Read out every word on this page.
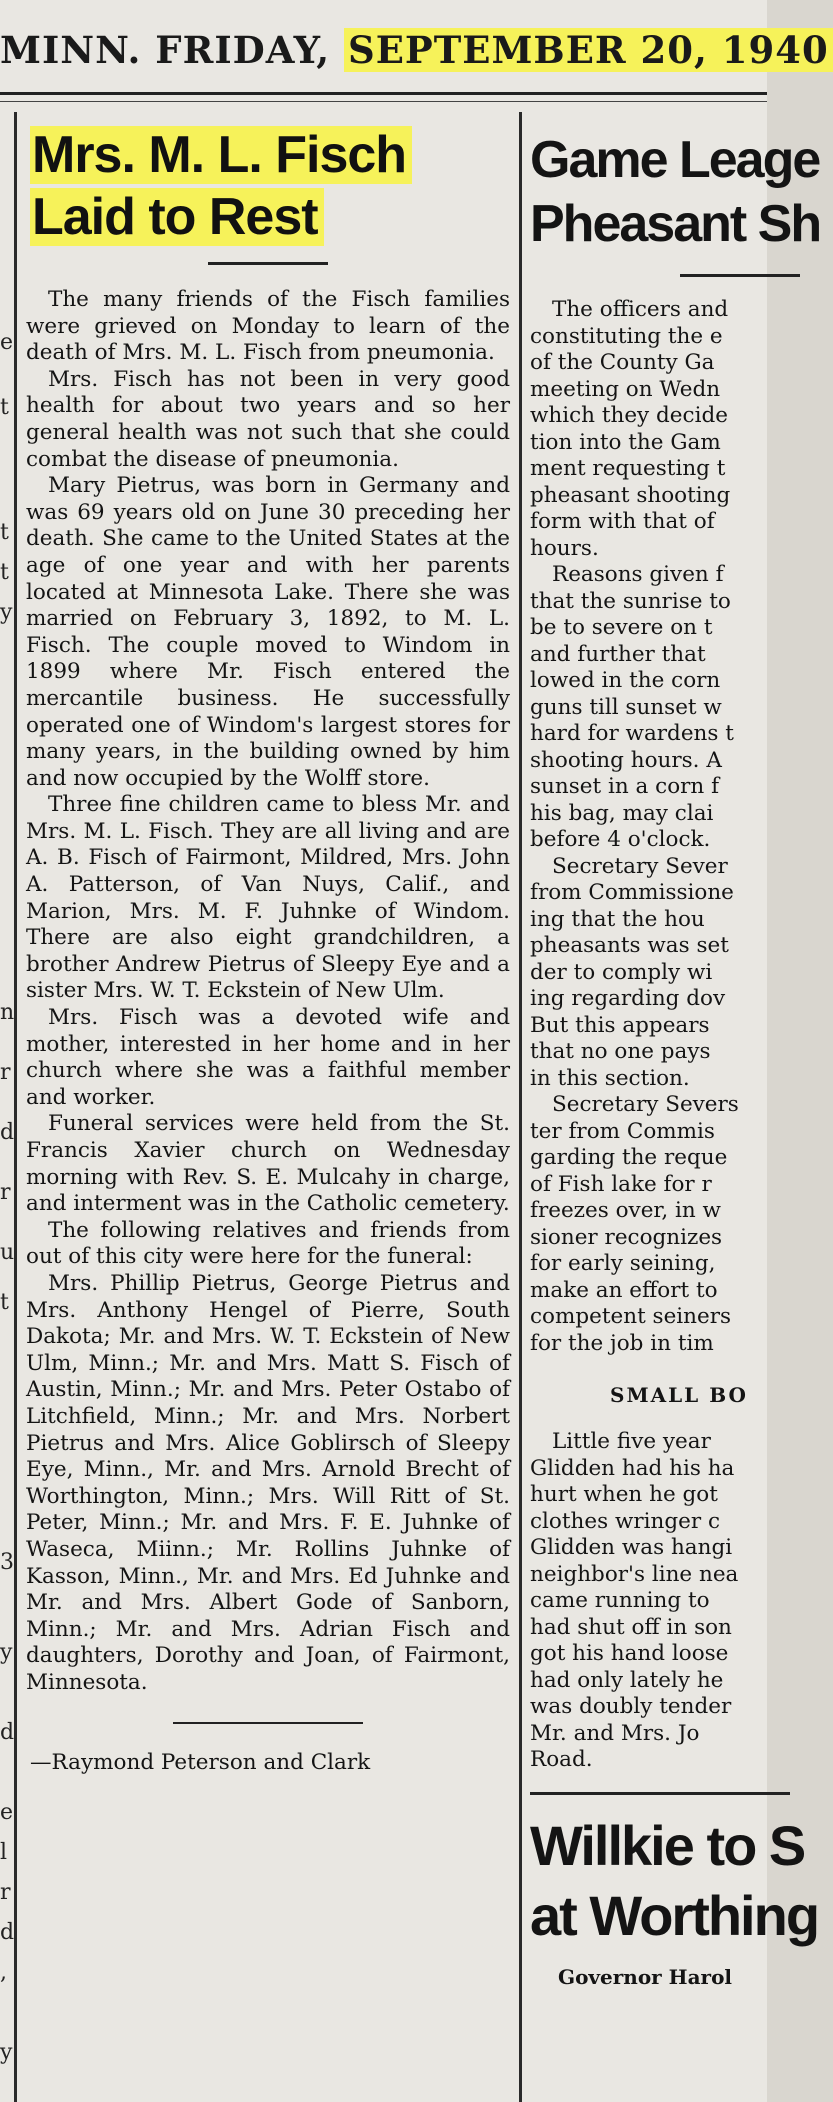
MINN. FRIDAY, SEPTEMBER 20, 1940
e
t
t
t
y
n
r
d
r
u
t
3
y
d
e
l
r
d
,
y
Mrs. M. L. Fisch
Laid to Rest

The many friends of the Fisch families were grieved on Monday to learn of the death of Mrs. M. L. Fisch from pneumonia.

Mrs. Fisch has not been in very good health for about two years and so her general health was not such that she could combat the disease of pneumonia.

Mary Pietrus, was born in Germany and was 69 years old on June 30 preceding her death. She came to the United States at the age of one year and with her parents located at Minnesota Lake. There she was married on February 3, 1892, to M. L. Fisch. The couple moved to Windom in 1899 where Mr. Fisch entered the mercantile business. He successfully operated one of Windom's largest stores for many years, in the building owned by him and now occupied by the Wolff store.

Three fine children came to bless Mr. and Mrs. M. L. Fisch. They are all living and are A. B. Fisch of Fairmont, Mildred, Mrs. John A. Patterson, of Van Nuys, Calif., and Marion, Mrs. M. F. Juhnke of Windom. There are also eight grandchildren, a brother Andrew Pietrus of Sleepy Eye and a sister Mrs. W. T. Eckstein of New Ulm.

Mrs. Fisch was a devoted wife and mother, interested in her home and in her church where she was a faithful member and worker.

Funeral services were held from the St. Francis Xavier church on Wednesday morning with Rev. S. E. Mulcahy in charge, and interment was in the Catholic cemetery.

The following relatives and friends from out of this city were here for the funeral:

Mrs. Phillip Pietrus, George Pietrus and Mrs. Anthony Hengel of Pierre, South Dakota; Mr. and Mrs. W. T. Eckstein of New Ulm, Minn.; Mr. and Mrs. Matt S. Fisch of Austin, Minn.; Mr. and Mrs. Peter Ostabo of Litchfield, Minn.; Mr. and Mrs. Norbert Pietrus and Mrs. Alice Goblirsch of Sleepy Eye, Minn., Mr. and Mrs. Arnold Brecht of Worthington, Minn.; Mrs. Will Ritt of St. Peter, Minn.; Mr. and Mrs. F. E. Juhnke of Waseca, Miinn.; Mr. Rollins Juhnke of Kasson, Minn., Mr. and Mrs. Ed Juhnke and Mr. and Mrs. Albert Gode of Sanborn, Minn.; Mr. and Mrs. Adrian Fisch and daughters, Dorothy and Joan, of Fairmont, Minnesota.

—Raymond Peterson and Clark
Game Leage
Pheasant Sh
The officers and
constituting the e
of the County Ga
meeting on Wedn
which they decide
tion into the Gam
ment requesting t
pheasant shooting
form with that of
hours.
Reasons given f
that the sunrise to
be to severe on t
and further that
lowed in the corn
guns till sunset w
hard for wardens t
shooting hours. A
sunset in a corn f
his bag, may clai
before 4 o'clock.
Secretary Sever
from Commissione
ing that the hou
pheasants was set
der to comply wi
ing regarding dov
But this appears
that no one pays
in this section.
Secretary Severs
ter from Commis
garding the reque
of Fish lake for r
freezes over, in w
sioner recognizes
for early seining,
make an effort to
competent seiners
for the job in tim
SMALL BO
Little five year
Glidden had his ha
hurt when he got
clothes wringer c
Glidden was hangi
neighbor's line nea
came running to
had shut off in son
got his hand loose
had only lately he
was doubly tender
Mr. and Mrs. Jo
Road.
Willkie to S
at Worthing
Governor Harol
